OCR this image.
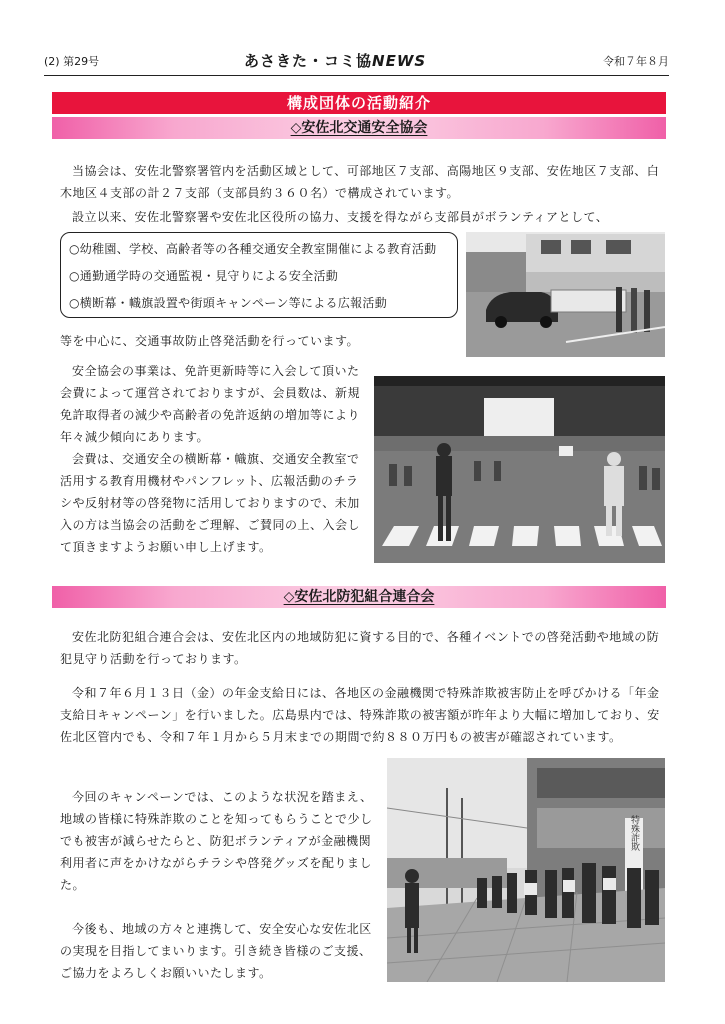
(2) 第29号	あさきた・コミ協NEWS	令和７年８月
構成団体の活動紹介
◇安佐北交通安全協会

当協会は、安佐北警察署管内を活動区域として、可部地区７支部、高陽地区９支部、安佐地区７支部、白木地区４支部の計２７支部（支部員約３６０名）で構成されています。

設立以来、安佐北警察署や安佐北区役所の協力、支援を得ながら支部員がボランティアとして、

○幼稚園、学校、高齢者等の各種交通安全教室開催による教育活動
○通勤通学時の交通監視・見守りによる安全活動
○横断幕・幟旗設置や街頭キャンペーン等による広報活動

等を中心に、交通事故防止啓発活動を行っています。

安全協会の事業は、免許更新時等に入会して頂いた会費によって運営されておりますが、会員数は、新規免許取得者の減少や高齢者の免許返納の増加等により年々減少傾向にあります。

会費は、交通安全の横断幕・幟旗、交通安全教室で活用する教育用機材やパンフレット、広報活動のチラシや反射材等の啓発物に活用しておりますので、未加入の方は当協会の活動をご理解、ご賛同の上、入会して頂きますようお願い申し上げます。

◇安佐北防犯組合連合会

安佐北防犯組合連合会は、安佐北区内の地域防犯に資する目的で、各種イベントでの啓発活動や地域の防犯見守り活動を行っております。

令和７年６月１３日（金）の年金支給日には、各地区の金融機関で特殊詐欺被害防止を呼びかける「年金支給日キャンペーン」を行いました。広島県内では、特殊詐欺の被害額が昨年より大幅に増加しており、安佐北区管内でも、令和７年１月から５月末までの期間で約８８０万円もの被害が確認されています。

今回のキャンペーンでは、このような状況を踏まえ、地域の皆様に特殊詐欺のことを知ってもらうことで少しでも被害が減らせたらと、防犯ボランティアが金融機関利用者に声をかけながらチラシや啓発グッズを配りました。

今後も、地域の方々と連携して、安全安心な安佐北区の実現を目指してまいります。引き続き皆様のご支援、ご協力をよろしくお願いいたします。

特殊詐欺
